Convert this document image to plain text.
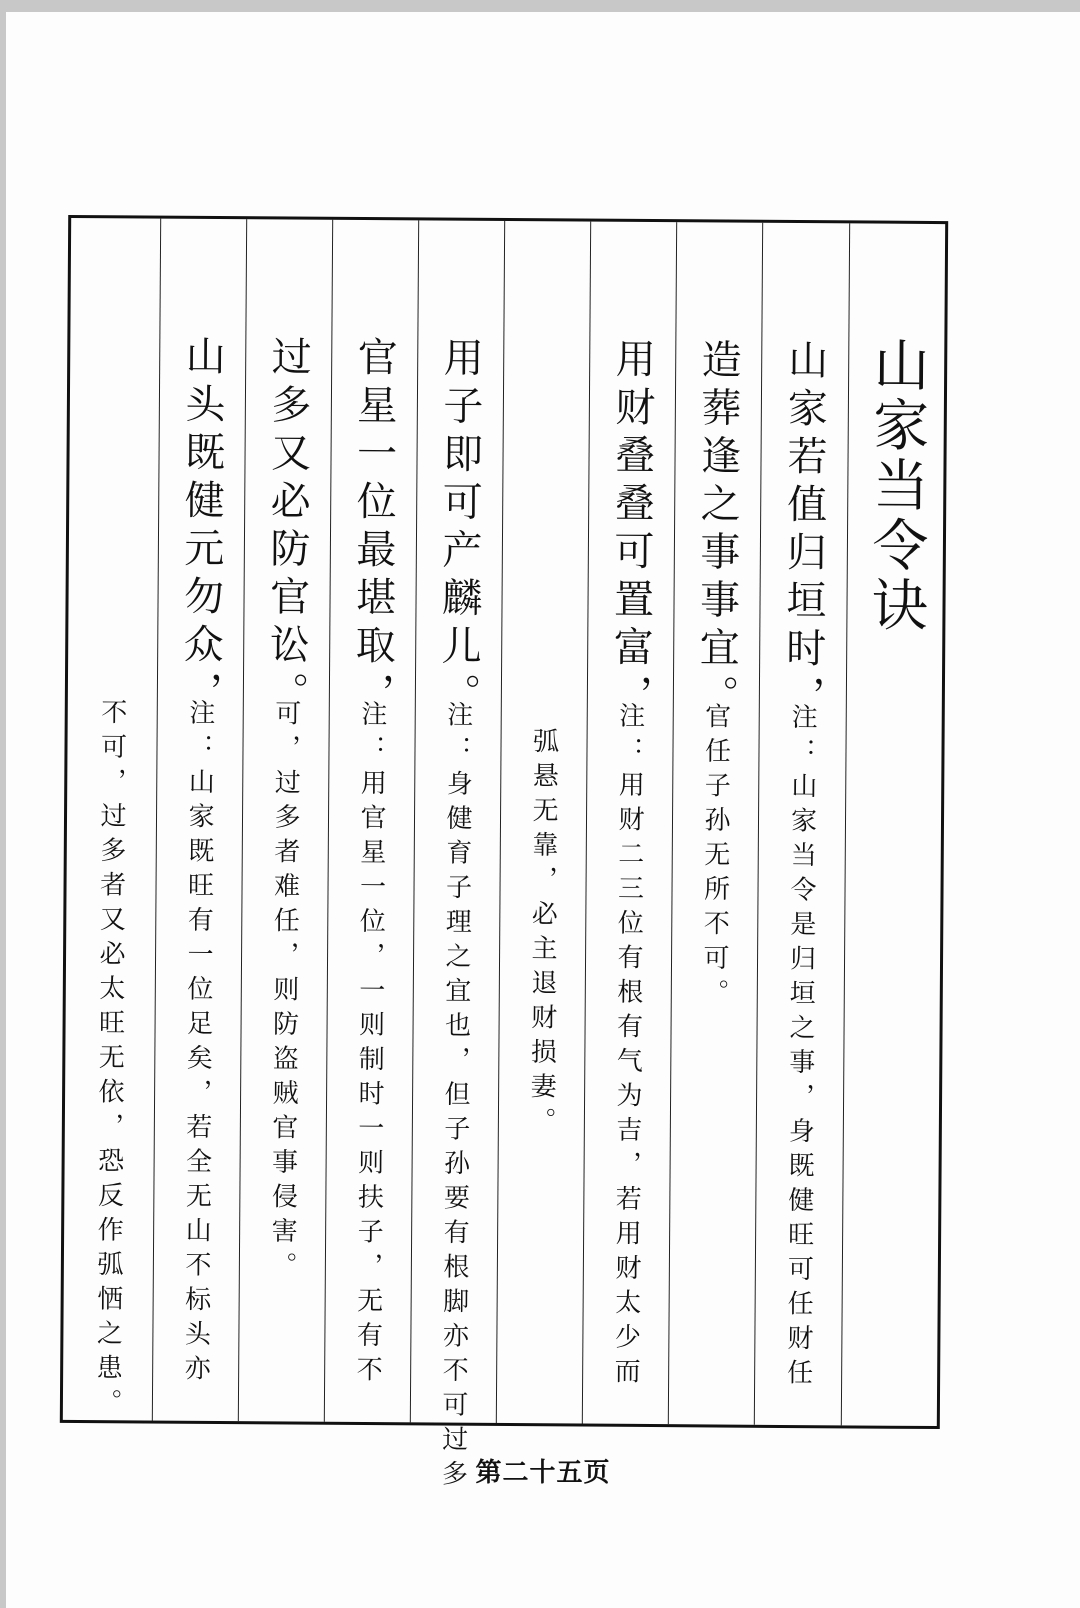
山家当令诀
山家若值归垣时，
注：山家当令是归垣之事，身既健旺可任财任
造葬逢之事事宜。
官任子孙无所不可。
用财叠叠可置富，
注：用财二三位有根有气为吉，若用财太少而
弧悬无靠，必主退财损妻。
用子即可产麟儿。
注：身健育子理之宜也，但子孙要有根脚亦不可过多
官星一位最堪取，
注：用官星一位，一则制时一则扶子，无有不
过多又必防官讼。
可，过多者难任，则防盗贼官事侵害。
山头既健元勿众，
注：山家既旺有一位足矣，若全无山不标头亦
不可，过多者又必太旺无依，恐反作弧恓之患。
第二十五页
